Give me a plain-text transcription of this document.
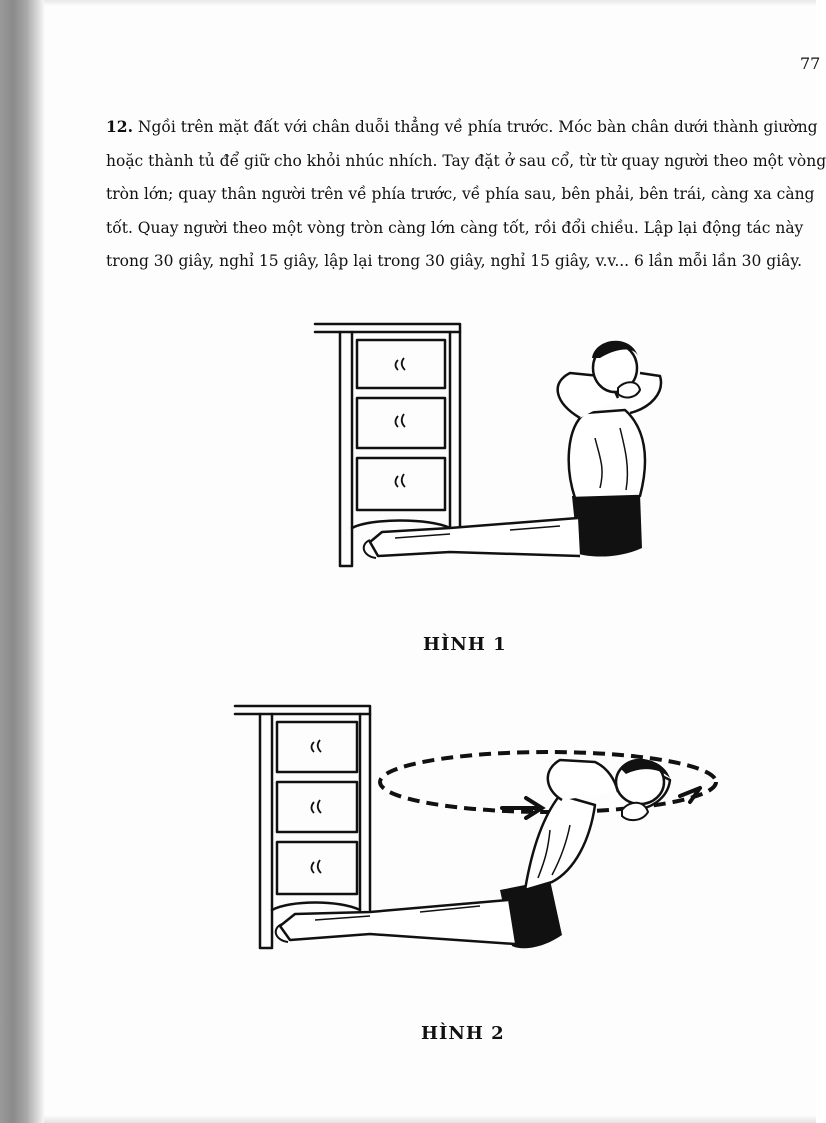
77
12. Ngồi trên mặt đất với chân duỗi thẳng về phía trước. Móc bàn chân dưới thành giường
hoặc thành tủ để giữ cho khỏi nhúc nhích. Tay đặt ở sau cổ, từ từ quay người theo một vòng
tròn lớn; quay thân người trên về phía trước, về phía sau, bên phải, bên trái, càng xa càng
tốt. Quay người theo một vòng tròn càng lớn càng tốt, rồi đổi chiều. Lập lại động tác này
trong 30 giây, nghỉ 15 giây, lập lại trong 30 giây, nghỉ 15 giây, v.v... 6 lần mỗi lần 30 giây.
HÌNH 1
HÌNH 2
